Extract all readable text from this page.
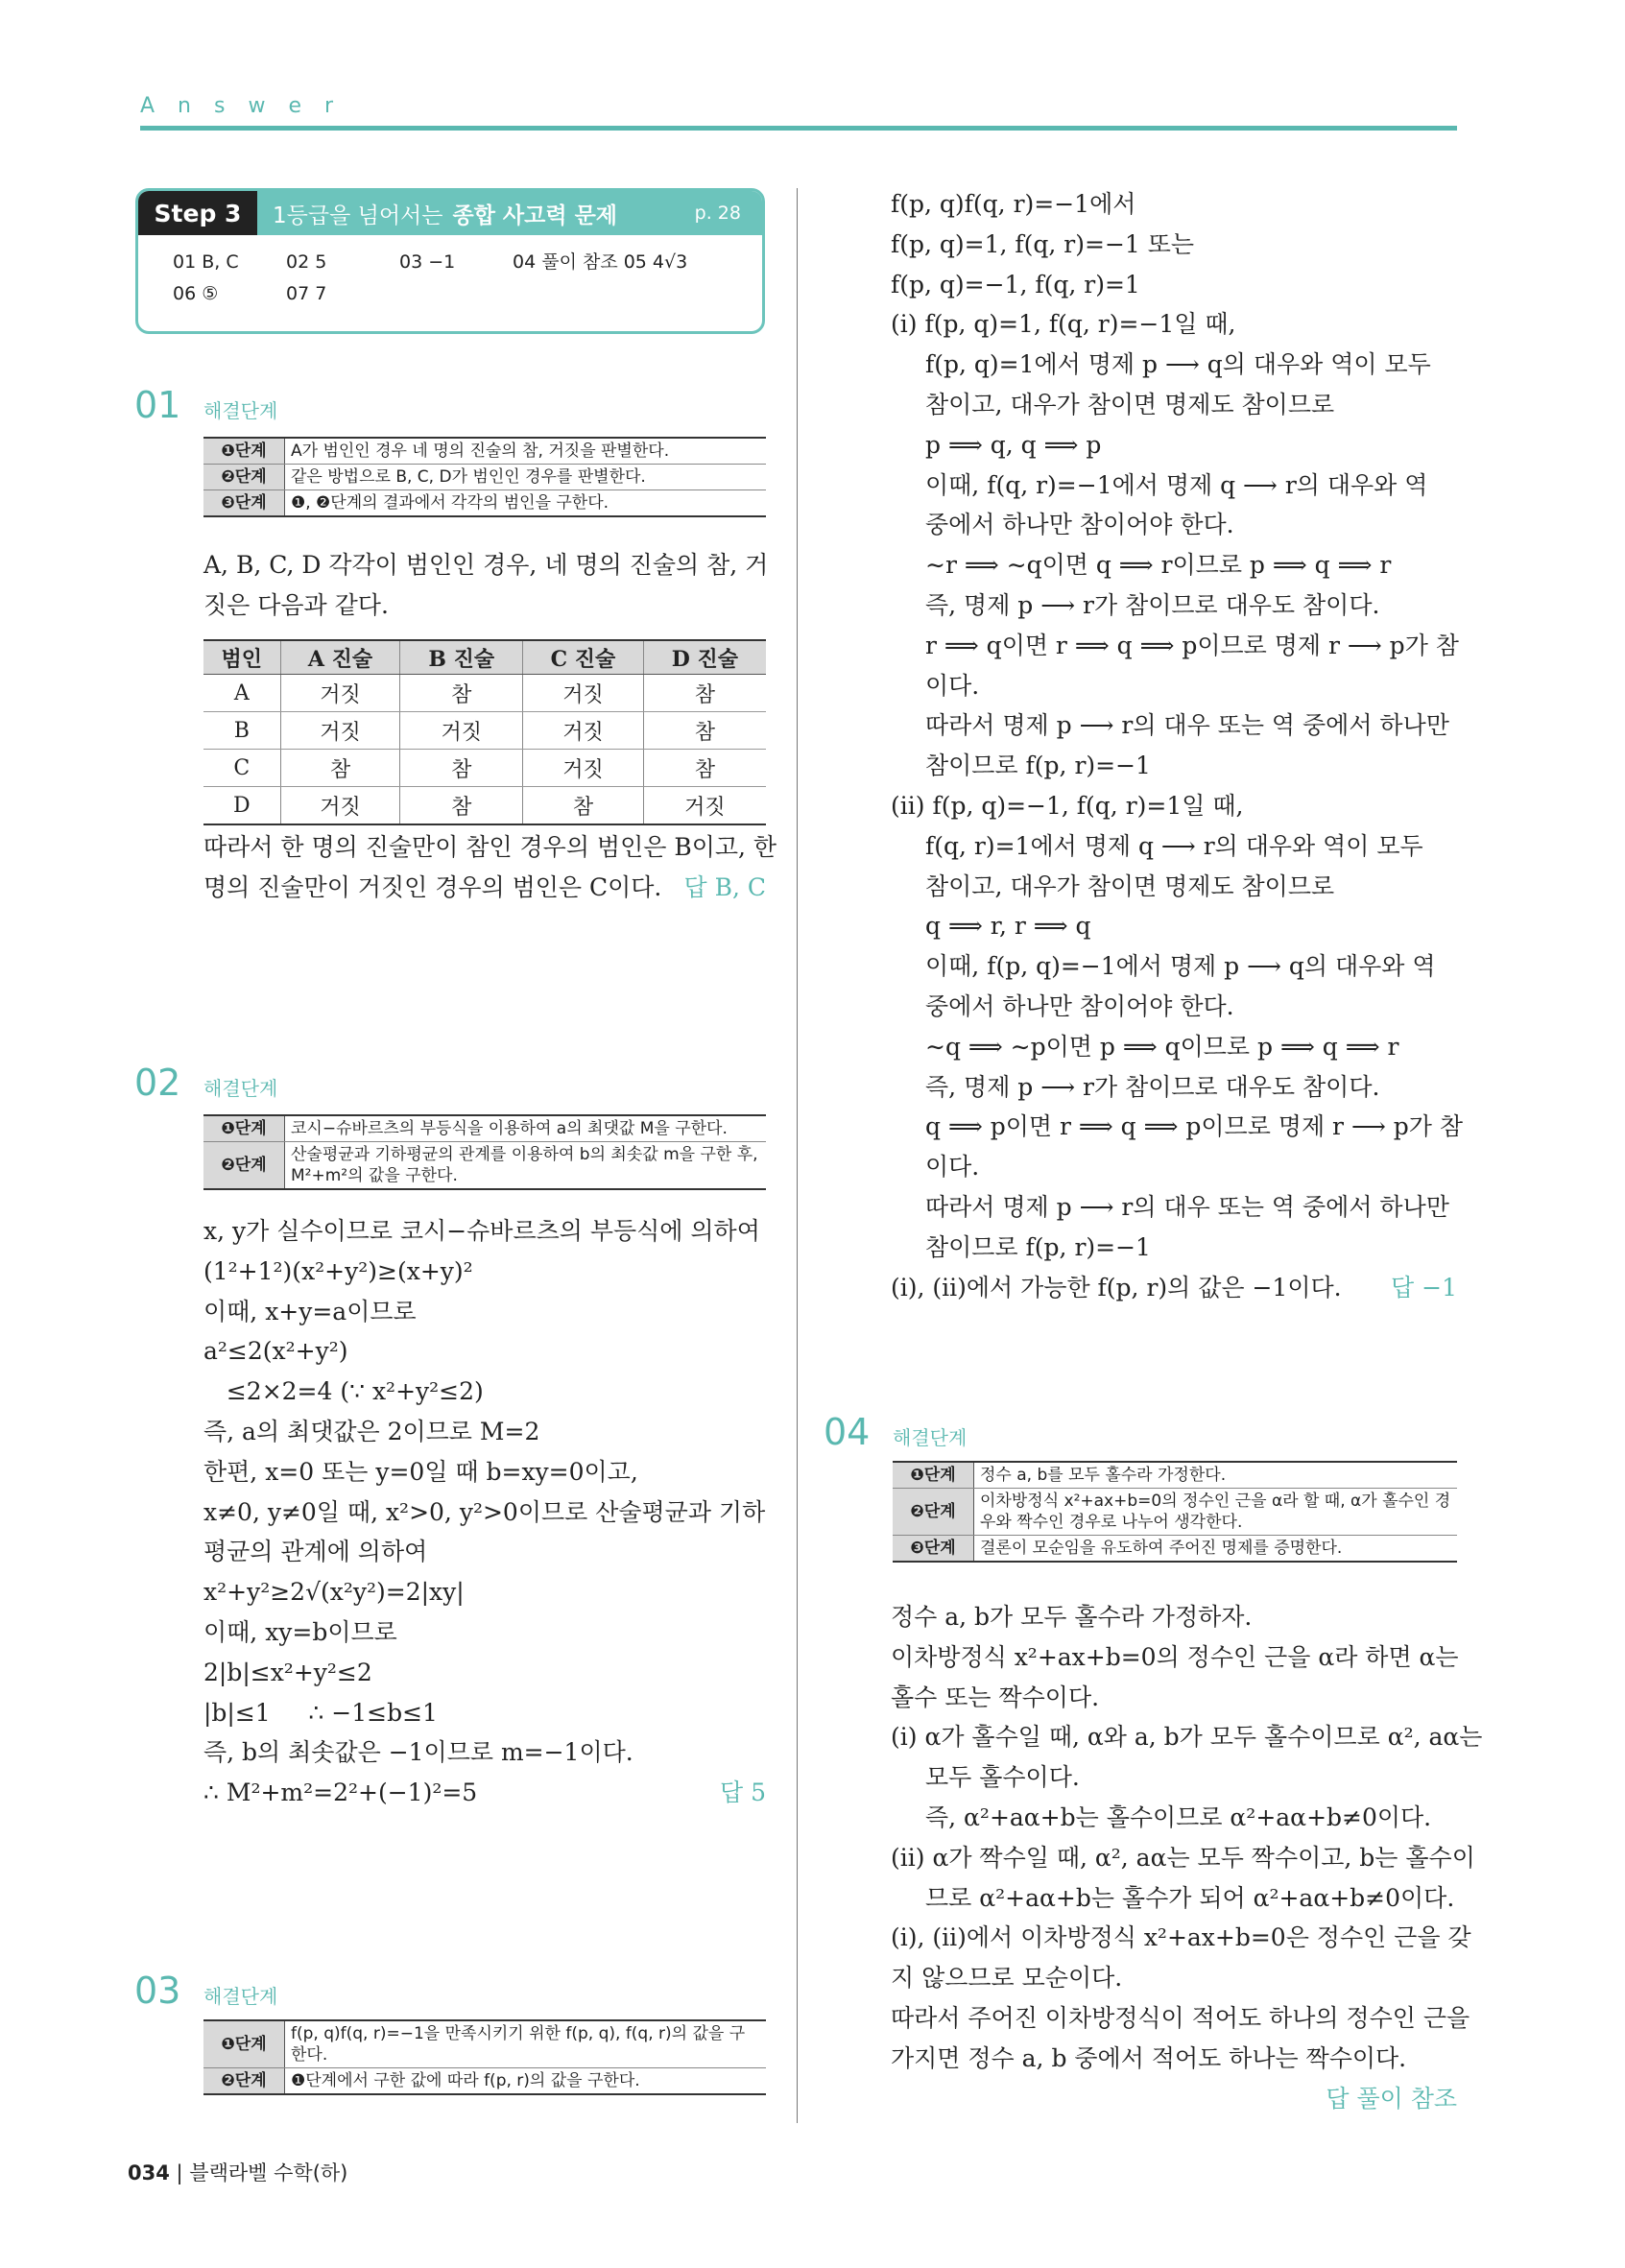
Answer
Step 3	1등급을 넘어서는 종합 사고력 문제	p. 28
01 B, C	02 5	03 −1	04 풀이 참조 05 4√3
06 ⑤	07 7
01 해결단계
❶단계	A가 범인인 경우 네 명의 진술의 참, 거짓을 판별한다.
❷단계	같은 방법으로 B, C, D가 범인인 경우를 판별한다.
❸단계	❶, ❷단계의 결과에서 각각의 범인을 구한다.
A, B, C, D 각각이 범인인 경우, 네 명의 진술의 참, 거
짓은 다음과 같다.
범인	A 진술	B 진술	C 진술	D 진술
A	거짓	참	거짓	참
B	거짓	거짓	거짓	참
C	참	참	거짓	참
D	거짓	참	참	거짓
따라서 한 명의 진술만이 참인 경우의 범인은 B이고, 한
명의 진술만이 거짓인 경우의 범인은 C이다. 답 B, C
02 해결단계
❶단계	코시−슈바르츠의 부등식을 이용하여 a의 최댓값 M을 구한다.
❷단계	산술평균과 기하평균의 관계를 이용하여 b의 최솟값 m을 구한 후, M²+m²의 값을 구한다.
x, y가 실수이므로 코시−슈바르츠의 부등식에 의하여
(1²+1²)(x²+y²)≥(x+y)²
이때, x+y=a이므로
a²≤2(x²+y²)
≤2×2=4 (∵ x²+y²≤2)
즉, a의 최댓값은 2이므로 M=2
한편, x=0 또는 y=0일 때 b=xy=0이고,
x≠0, y≠0일 때, x²>0, y²>0이므로 산술평균과 기하
평균의 관계에 의하여
x²+y²≥2√(x²y²)=2|xy|
이때, xy=b이므로
2|b|≤x²+y²≤2
|b|≤1     ∴ −1≤b≤1
즉, b의 최솟값은 −1이므로 m=−1이다.
∴ M²+m²=2²+(−1)²=5	답 5
03 해결단계
❶단계	f(p, q)f(q, r)=−1을 만족시키기 위한 f(p, q), f(q, r)의 값을 구한다.
❷단계	❶단계에서 구한 값에 따라 f(p, r)의 값을 구한다.
f(p, q)f(q, r)=−1에서
f(p, q)=1, f(q, r)=−1 또는
f(p, q)=−1, f(q, r)=1
(i) f(p, q)=1, f(q, r)=−1일 때,
f(p, q)=1에서 명제 p ⟶ q의 대우와 역이 모두
참이고, 대우가 참이면 명제도 참이므로
p ⟹ q, q ⟹ p
이때, f(q, r)=−1에서 명제 q ⟶ r의 대우와 역
중에서 하나만 참이어야 한다.
∼r ⟹ ∼q이면 q ⟹ r이므로 p ⟹ q ⟹ r
즉, 명제 p ⟶ r가 참이므로 대우도 참이다.
r ⟹ q이면 r ⟹ q ⟹ p이므로 명제 r ⟶ p가 참
이다.
따라서 명제 p ⟶ r의 대우 또는 역 중에서 하나만
참이므로 f(p, r)=−1
(ii) f(p, q)=−1, f(q, r)=1일 때,
f(q, r)=1에서 명제 q ⟶ r의 대우와 역이 모두
참이고, 대우가 참이면 명제도 참이므로
q ⟹ r, r ⟹ q
이때, f(p, q)=−1에서 명제 p ⟶ q의 대우와 역
중에서 하나만 참이어야 한다.
∼q ⟹ ∼p이면 p ⟹ q이므로 p ⟹ q ⟹ r
즉, 명제 p ⟶ r가 참이므로 대우도 참이다.
q ⟹ p이면 r ⟹ q ⟹ p이므로 명제 r ⟶ p가 참
이다.
따라서 명제 p ⟶ r의 대우 또는 역 중에서 하나만
참이므로 f(p, r)=−1
(i), (ii)에서 가능한 f(p, r)의 값은 −1이다. 답 −1
04 해결단계
❶단계	정수 a, b를 모두 홀수라 가정한다.
❷단계	이차방정식 x²+ax+b=0의 정수인 근을 α라 할 때, α가 홀수인 경우와 짝수인 경우로 나누어 생각한다.
❸단계	결론이 모순임을 유도하여 주어진 명제를 증명한다.
정수 a, b가 모두 홀수라 가정하자.
이차방정식 x²+ax+b=0의 정수인 근을 α라 하면 α는
홀수 또는 짝수이다.
(i) α가 홀수일 때, α와 a, b가 모두 홀수이므로 α², aα는
모두 홀수이다.
즉, α²+aα+b는 홀수이므로 α²+aα+b≠0이다.
(ii) α가 짝수일 때, α², aα는 모두 짝수이고, b는 홀수이
므로 α²+aα+b는 홀수가 되어 α²+aα+b≠0이다.
(i), (ii)에서 이차방정식 x²+ax+b=0은 정수인 근을 갖
지 않으므로 모순이다.
따라서 주어진 이차방정식이 적어도 하나의 정수인 근을
가지면 정수 a, b 중에서 적어도 하나는 짝수이다.
답 풀이 참조
034 | 블랙라벨 수학(하)
